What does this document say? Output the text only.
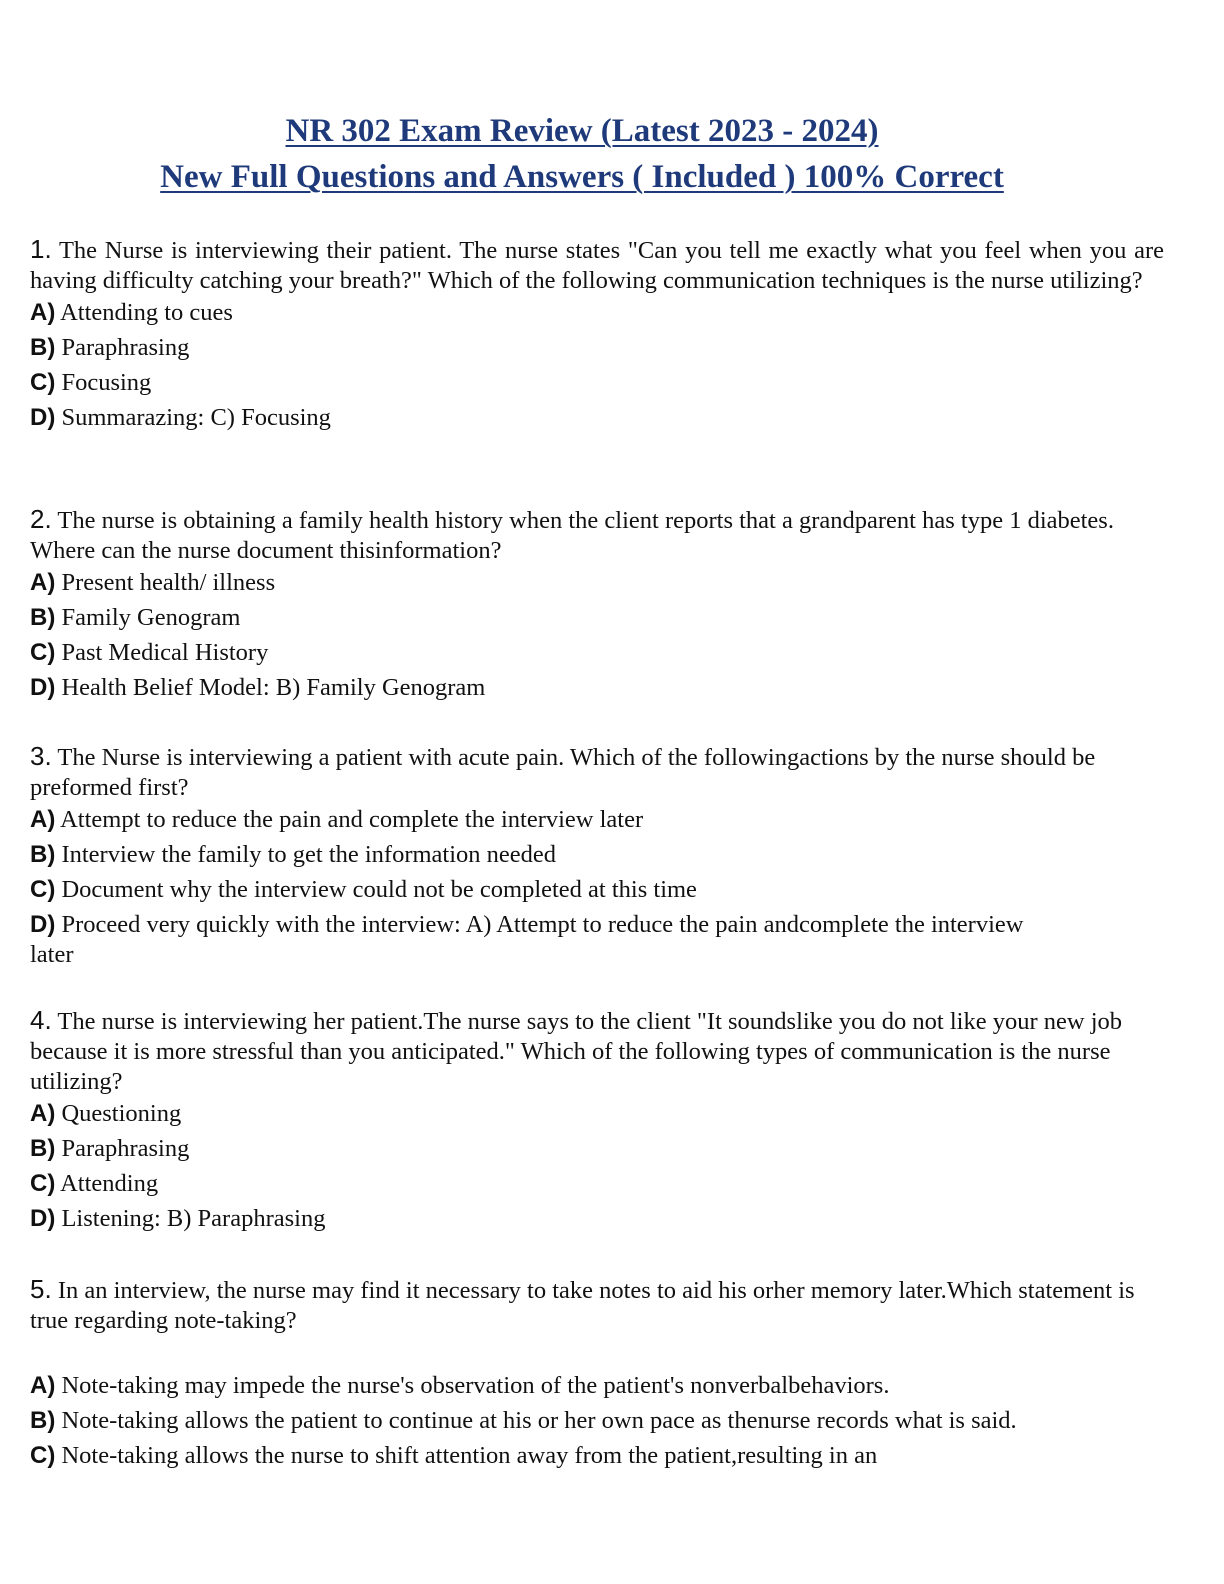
NR 302 Exam Review (Latest 2023 - 2024)
New Full Questions and Answers ( Included ) 100% Correct

1. The Nurse is interviewing their patient. The nurse states "Can you tell me exactly what you feel when you are having difficulty catching your breath?" Which of the following communication techniques is the nurse utilizing?

A) Attending to cues

B) Paraphrasing

C) Focusing

D) Summarazing: C) Focusing

2. The nurse is obtaining a family health history when the client reports that a grandparent has type 1 diabetes. Where can the nurse document thisinformation?

A) Present health/ illness

B) Family Genogram

C) Past Medical History

D) Health Belief Model: B) Family Genogram

3. The Nurse is interviewing a patient with acute pain. Which of the followingactions by the nurse should be preformed first?

A) Attempt to reduce the pain and complete the interview later

B) Interview the family to get the information needed

C) Document why the interview could not be completed at this time

D) Proceed very quickly with the interview: A) Attempt to reduce the pain andcomplete the interview later

4. The nurse is interviewing her patient.The nurse says to the client "It soundslike you do not like your new job because it is more stressful than you anticipated." Which of the following types of communication is the nurse utilizing?

A) Questioning

B) Paraphrasing

C) Attending

D) Listening: B) Paraphrasing

5. In an interview, the nurse may find it necessary to take notes to aid his orher memory later.Which statement is true regarding note-taking?

A) Note-taking may impede the nurse's observation of the patient's nonverbalbehaviors.

B) Note-taking allows the patient to continue at his or her own pace as thenurse records what is said.

C) Note-taking allows the nurse to shift attention away from the patient,resulting in an
